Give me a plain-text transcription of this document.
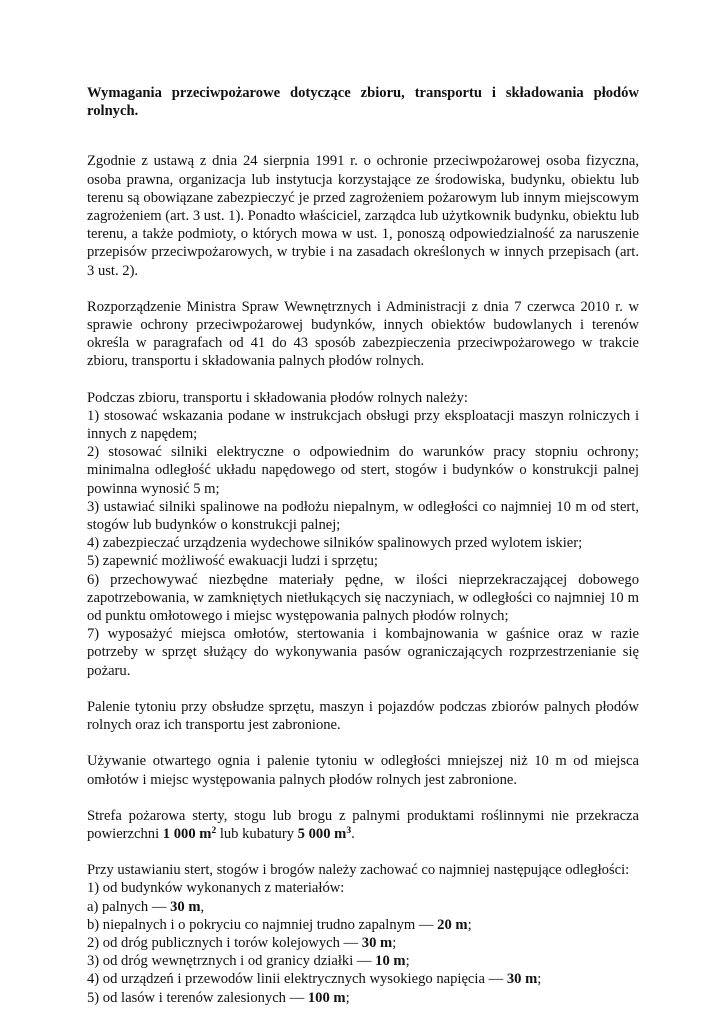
Wymagania przeciwpożarowe dotyczące zbioru, transportu i składowania płodów rolnych.

Zgodnie z ustawą z dnia 24 sierpnia 1991 r. o ochronie przeciwpożarowej osoba fizyczna, osoba prawna, organizacja lub instytucja korzystające ze środowiska, budynku, obiektu lub terenu są obowiązane zabezpieczyć je przed zagrożeniem pożarowym lub innym miejscowym zagrożeniem (art. 3 ust. 1). Ponadto właściciel, zarządca lub użytkownik budynku, obiektu lub terenu, a także podmioty, o których mowa w ust. 1, ponoszą odpowiedzialność za naruszenie przepisów przeciwpożarowych, w trybie i na zasadach określonych w innych przepisach (art. 3 ust. 2).

Rozporządzenie Ministra Spraw Wewnętrznych i Administracji z dnia 7 czerwca 2010 r. w sprawie ochrony przeciwpożarowej budynków, innych obiektów budowlanych i terenów określa w paragrafach od 41 do 43 sposób zabezpieczenia przeciwpożarowego w trakcie zbioru, transportu i składowania palnych płodów rolnych.

Podczas zbioru, transportu i składowania płodów rolnych należy:
1) stosować wskazania podane w instrukcjach obsługi przy eksploatacji maszyn rolniczych i innych z napędem;
2) stosować silniki elektryczne o odpowiednim do warunków pracy stopniu ochrony; minimalna odległość układu napędowego od stert, stogów i budynków o konstrukcji palnej powinna wynosić 5 m;
3) ustawiać silniki spalinowe na podłożu niepalnym, w odległości co najmniej 10 m od stert, stogów lub budynków o konstrukcji palnej;
4) zabezpieczać urządzenia wydechowe silników spalinowych przed wylotem iskier;
5) zapewnić możliwość ewakuacji ludzi i sprzętu;
6) przechowywać niezbędne materiały pędne, w ilości nieprzekraczającej dobowego zapotrzebowania, w zamkniętych nietłukących się naczyniach, w odległości co najmniej 10 m od punktu omłotowego i miejsc występowania palnych płodów rolnych;
7) wyposażyć miejsca omłotów, stertowania i kombajnowania w gaśnice oraz w razie potrzeby w sprzęt służący do wykonywania pasów ograniczających rozprzestrzenianie się pożaru.

Palenie tytoniu przy obsłudze sprzętu, maszyn i pojazdów podczas zbiorów palnych płodów rolnych oraz ich transportu jest zabronione.

Używanie otwartego ognia i palenie tytoniu w odległości mniejszej niż 10 m od miejsca omłotów i miejsc występowania palnych płodów rolnych jest zabronione.

Strefa pożarowa sterty, stogu lub brogu z palnymi produktami roślinnymi nie przekracza powierzchni 1 000 $m^2$ lub kubatury 5 000 $m^3$.

Przy ustawianiu stert, stogów i brogów należy zachować co najmniej następujące odległości:
1) od budynków wykonanych z materiałów:
a) palnych — 30 m,
b) niepalnych i o pokryciu co najmniej trudno zapalnym — 20 m;
2) od dróg publicznych i torów kolejowych — 30 m;
3) od dróg wewnętrznych i od granicy działki — 10 m;
4) od urządzeń i przewodów linii elektrycznych wysokiego napięcia — 30 m;
5) od lasów i terenów zalesionych — 100 m;
